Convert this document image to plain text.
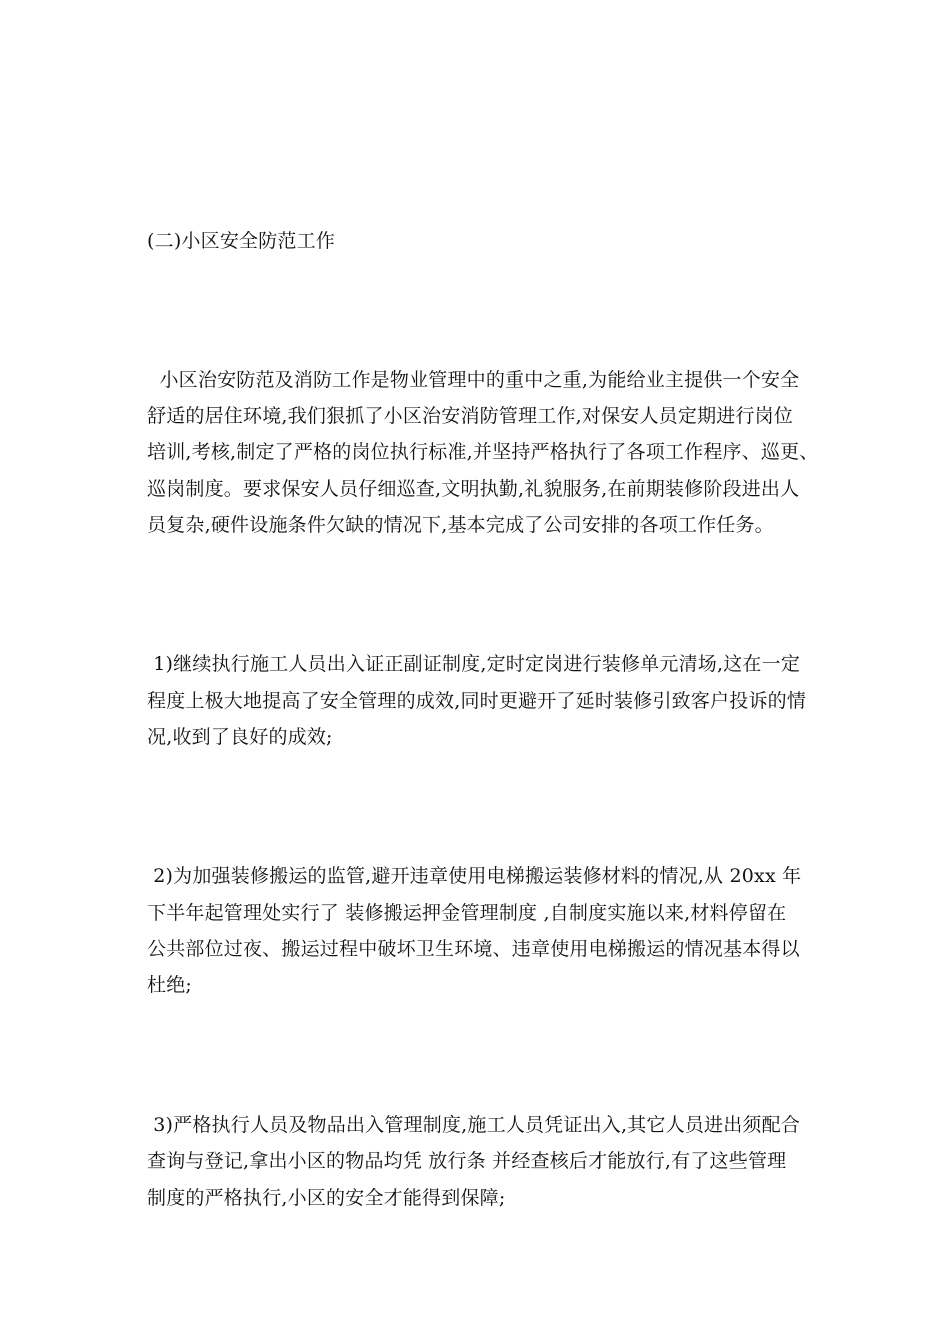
(二)小区安全防范工作
小区治安防范及消防工作是物业管理中的重中之重,为能给业主提供一个安全
舒适的居住环境,我们狠抓了小区治安消防管理工作,对保安人员定期进行岗位
培训,考核,制定了严格的岗位执行标准,并坚持严格执行了各项工作程序、巡更、
巡岗制度。要求保安人员仔细巡查,文明执勤,礼貌服务,在前期装修阶段进出人
员复杂,硬件设施条件欠缺的情况下,基本完成了公司安排的各项工作任务。
1)继续执行施工人员出入证正副证制度,定时定岗进行装修单元清场,这在一定
程度上极大地提高了安全管理的成效,同时更避开了延时装修引致客户投诉的情
况,收到了良好的成效;
2)为加强装修搬运的监管,避开违章使用电梯搬运装修材料的情况,从 20xx 年
下半年起管理处实行了 装修搬运押金管理制度 ,自制度实施以来,材料停留在
公共部位过夜、搬运过程中破坏卫生环境、违章使用电梯搬运的情况基本得以
杜绝;
3)严格执行人员及物品出入管理制度,施工人员凭证出入,其它人员进出须配合
查询与登记,拿出小区的物品均凭 放行条 并经查核后才能放行,有了这些管理
制度的严格执行,小区的安全才能得到保障;
